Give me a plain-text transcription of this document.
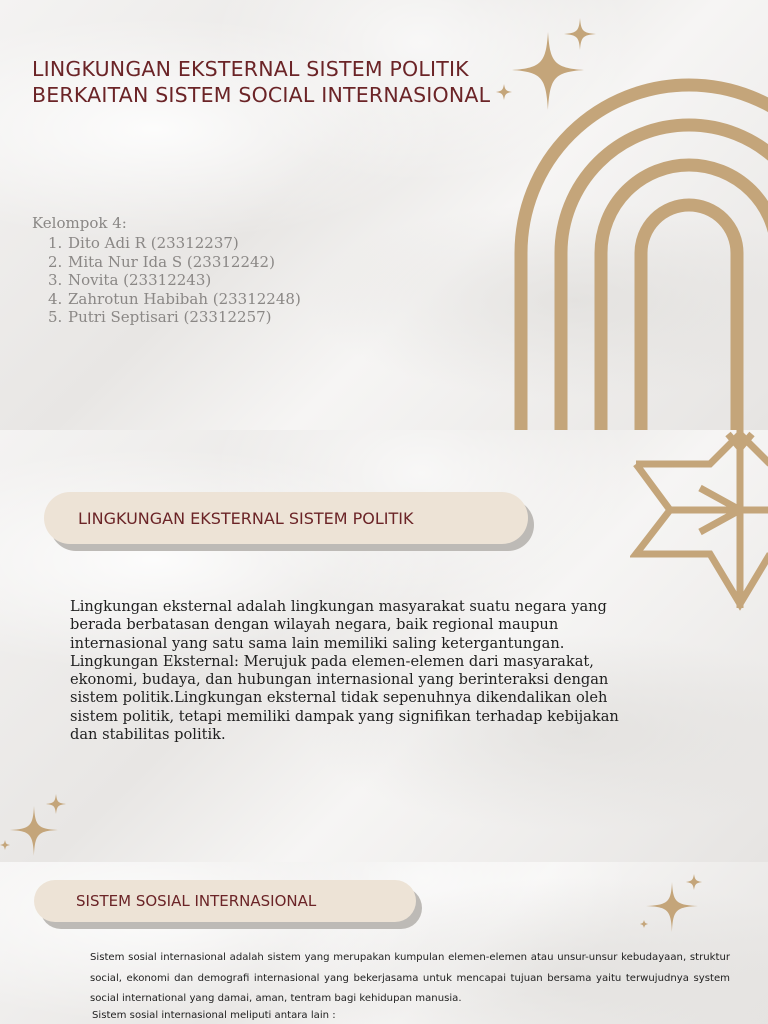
LINGKUNGAN EKSTERNAL SISTEM POLITIK BERKAITAN SISTEM SOCIAL INTERNASIONAL
Kelompok 4:
1. Dito Adi R (23312237)
2. Mita Nur Ida S (23312242)
3. Novita (23312243)
4. Zahrotun Habibah (23312248)
5. Putri Septisari (23312257)
LINGKUNGAN EKSTERNAL SISTEM POLITIK

Lingkungan eksternal adalah lingkungan masyarakat suatu negara yang berada berbatasan dengan wilayah negara, baik regional maupun internasional yang satu sama lain memiliki saling ketergantungan. Lingkungan Eksternal: Merujuk pada elemen-elemen dari masyarakat, ekonomi, budaya, dan hubungan internasional yang berinteraksi dengan sistem politik.Lingkungan eksternal tidak sepenuhnya dikendalikan oleh sistem politik, tetapi memiliki dampak yang signifikan terhadap kebijakan dan stabilitas politik.

SISTEM SOSIAL INTERNASIONAL

Sistem sosial internasional adalah sistem yang merupakan kumpulan elemen-elemen atau unsur-unsur kebudayaan, struktur social, ekonomi dan demografi internasional yang bekerjasama untuk mencapai tujuan bersama yaitu terwujudnya system social international yang damai, aman, tentram bagi kehidupan manusia.

Sistem sosial internasional meliputi antara lain :
